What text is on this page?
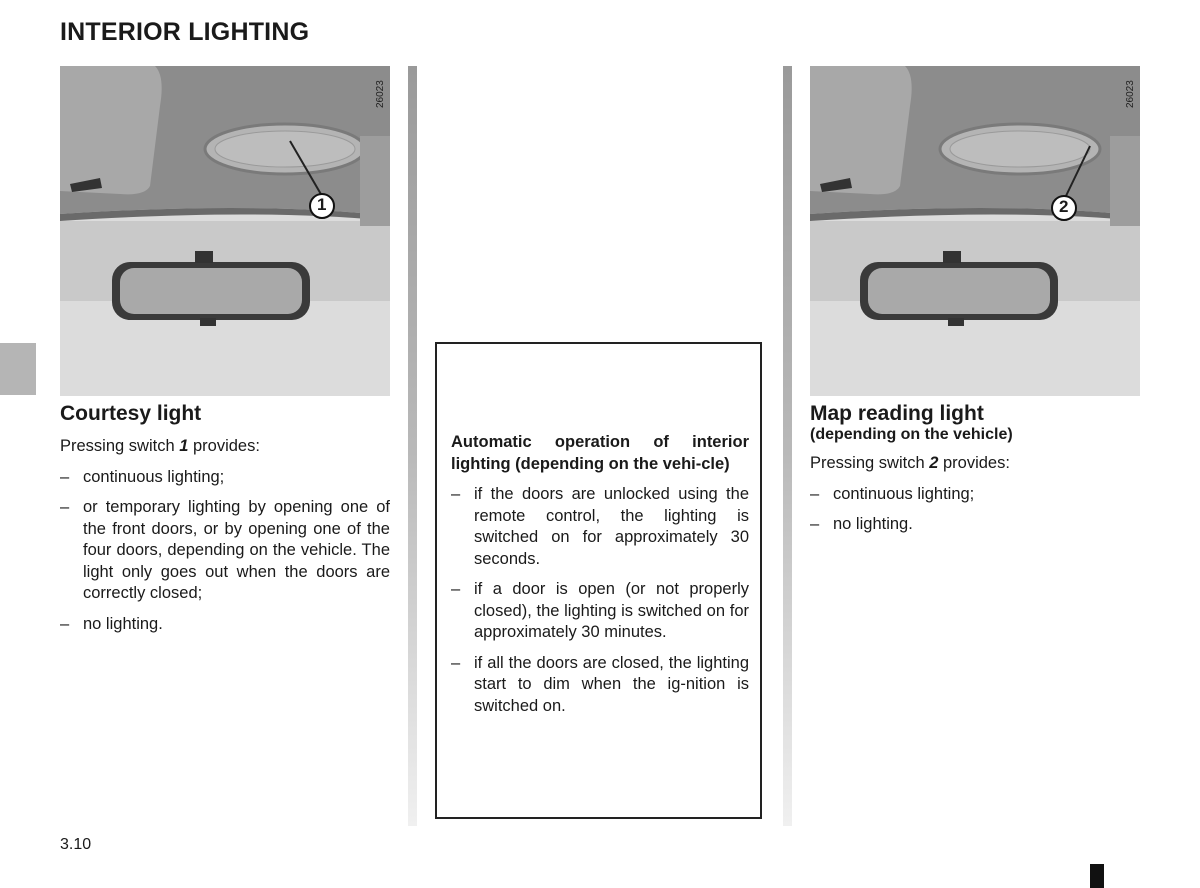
INTERIOR LIGHTING
26023
1
26023
2
Courtesy light

Pressing switch 1 provides:

– continuous lighting;
– or temporary lighting by opening one of the front doors, or by opening one of the four doors, depending on the vehicle. The light only goes out when the doors are correctly closed;
– no lighting.
Automatic operation of interior lighting (depending on the vehi-cle)
– if the doors are unlocked using the remote control, the lighting is switched on for approximately 30 seconds.
– if a door is open (or not properly closed), the lighting is switched on for approximately 30 minutes.
– if all the doors are closed, the lighting start to dim when the ig-nition is switched on.
Map reading light
(depending on the vehicle)

Pressing switch 2 provides:

– continuous lighting;
– no lighting.
3.10
